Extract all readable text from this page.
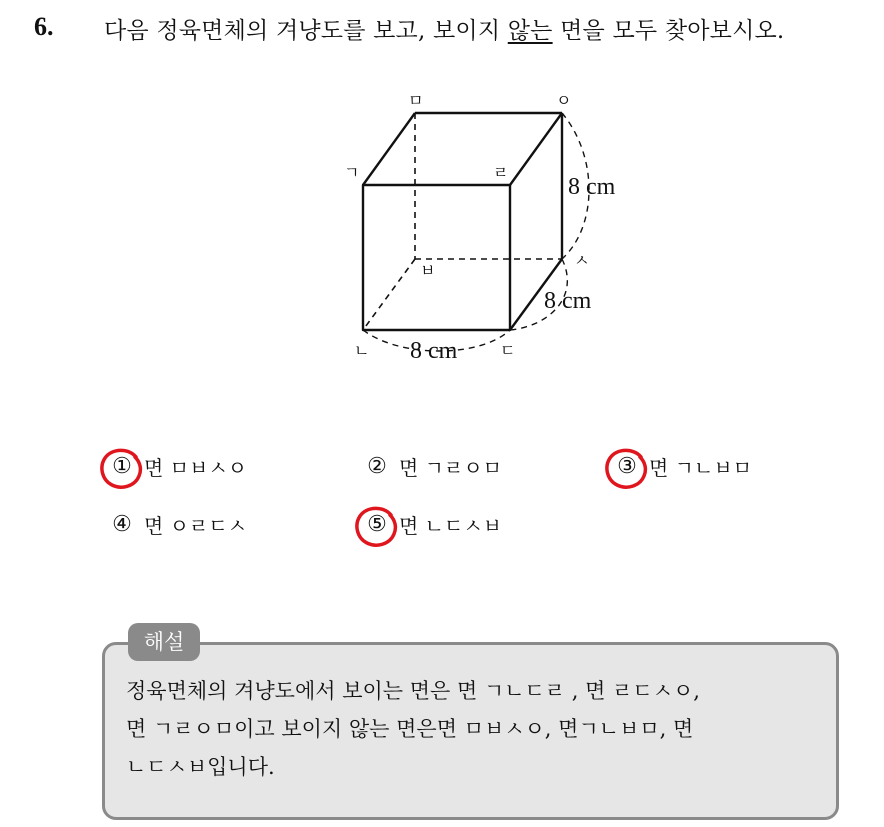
6. 다음 정육면체의 겨냥도를 보고, 보이지 않는 면을 모두 찾아보시오.
ㅁ	ㅇ
ㄱ	ㄹ
ㅂ
ㅅ
ㄴ	ㄷ
8 cm
8 cm
8 cm
① 면 ㅁㅂㅅㅇ	② 면 ㄱㄹㅇㅁ	③ 면 ㄱㄴㅂㅁ
④ 면 ㅇㄹㄷㅅ	⑤ 면 ㄴㄷㅅㅂ
해설
정육면체의 겨냥도에서 보이는 면은 면 ㄱㄴㄷㄹ , 면 ㄹㄷㅅㅇ,
면 ㄱㄹㅇㅁ이고 보이지 않는 면은면 ㅁㅂㅅㅇ, 면ㄱㄴㅂㅁ, 면
ㄴㄷㅅㅂ입니다.
